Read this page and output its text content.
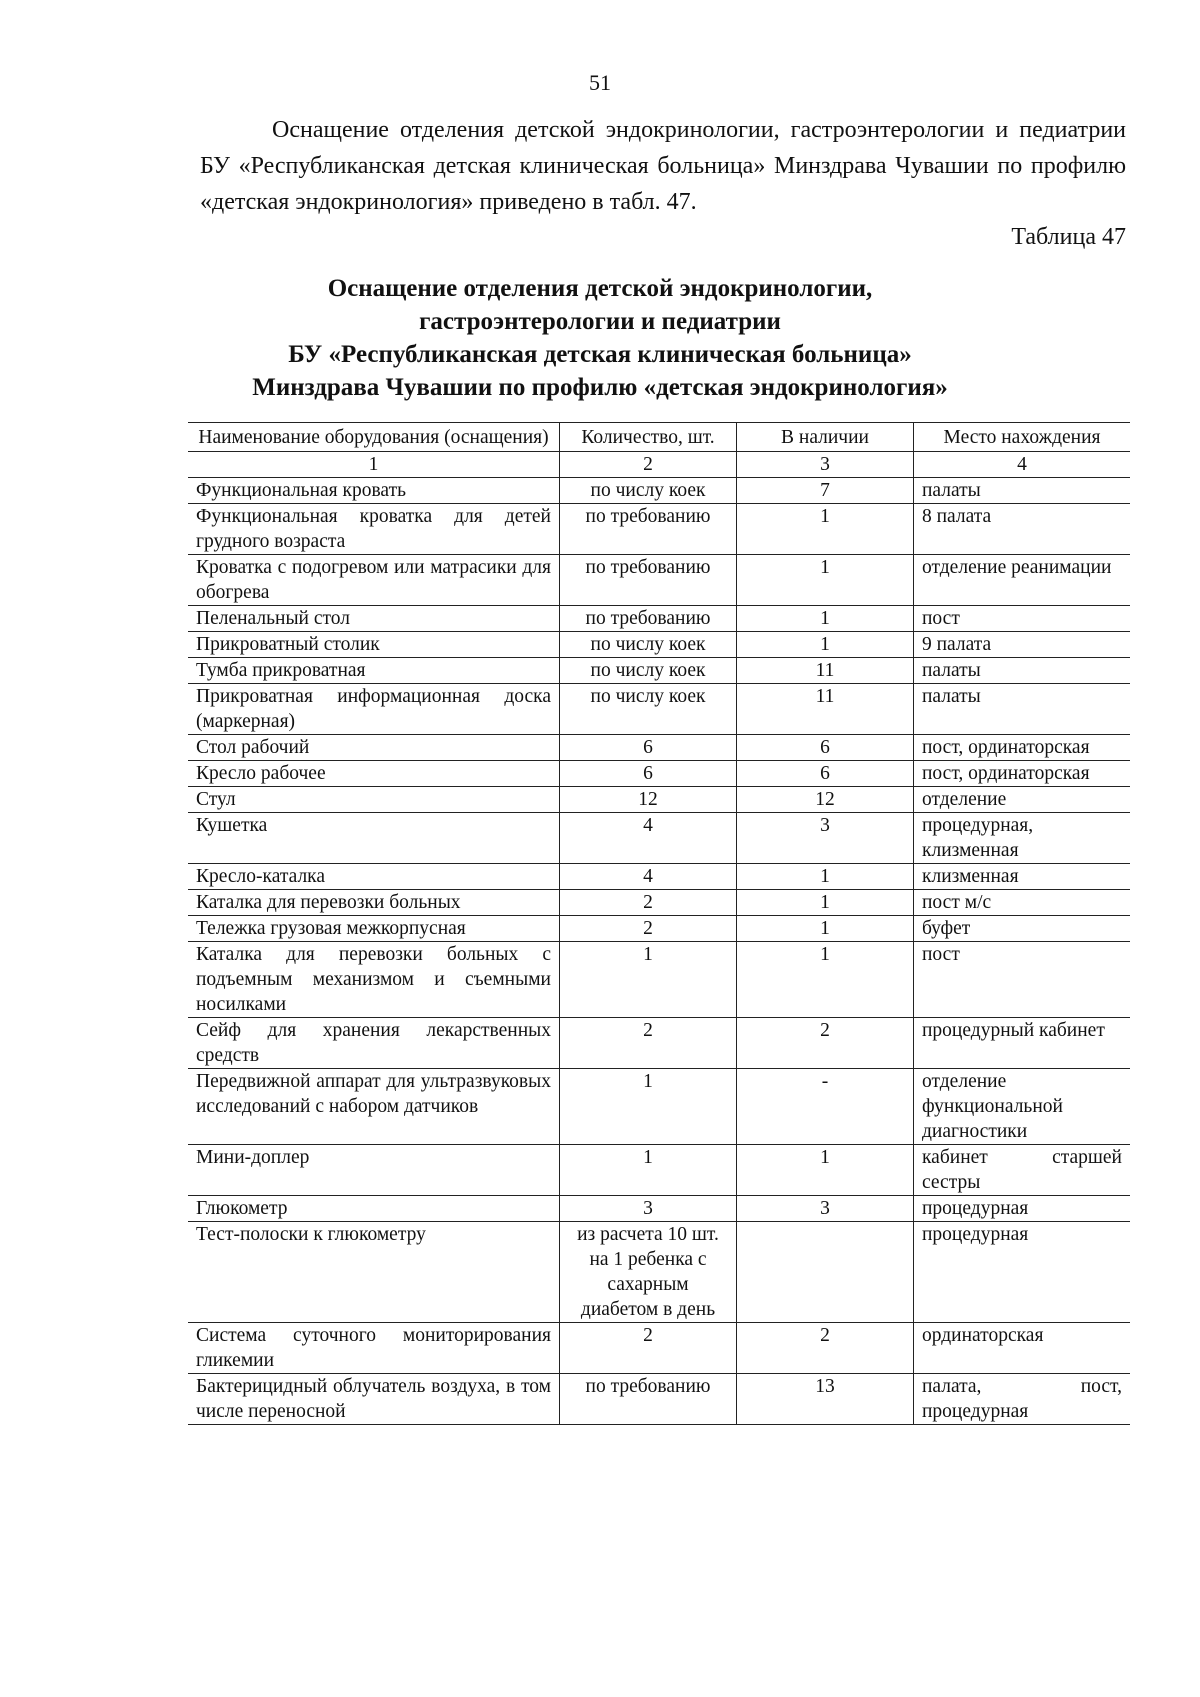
51

Оснащение отделения детской эндокринологии, гастроэнтерологии и педиатрии БУ «Республиканская детская клиническая больница» Минздрава Чувашии по профилю «детская эндокринология» приведено в табл. 47.

Таблица 47
Оснащение отделения детской эндокринологии,
гастроэнтерологии и педиатрии
БУ «Республиканская детская клиническая больница»
Минздрава Чувашии по профилю «детская эндокринология»
Наименование оборудования (оснащения)	Количество, шт.	В наличии	Место нахождения
1	2	3	4
Функциональная кровать	по числу коек	7	палаты
Функциональная кроватка для детей грудного возраста	по требованию	1	8 палата
Кроватка с подогревом или матрасики для обогрева	по требованию	1	отделение реанимации
Пеленальный стол	по требованию	1	пост
Прикроватный столик	по числу коек	1	9 палата
Тумба прикроватная	по числу коек	11	палаты
Прикроватная информационная доска (маркерная)	по числу коек	11	палаты
Стол рабочий	6	6	пост, ординаторская
Кресло рабочее	6	6	пост, ординаторская
Стул	12	12	отделение
Кушетка	4	3	процедурная, клизменная
Кресло-каталка	4	1	клизменная
Каталка для перевозки больных	2	1	пост м/с
Тележка грузовая межкорпусная	2	1	буфет
Каталка для перевозки больных с подъемным механизмом и съемными носилками	1	1	пост
Сейф для хранения лекарственных средств	2	2	процедурный кабинет
Передвижной аппарат для ультразвуковых исследований с набором датчиков	1	-	отделение функциональной диагностики
Мини-доплер	1	1	кабинет старшей сестры
Глюкометр	3	3	процедурная
Тест-полоски к глюкометру	из расчета 10 шт. на 1 ребенка с сахарным диабетом в день		процедурная
Система суточного мониторирования гликемии	2	2	ординаторская
Бактерицидный облучатель воздуха, в том числе переносной	по требованию	13	палата, пост, процедурная
